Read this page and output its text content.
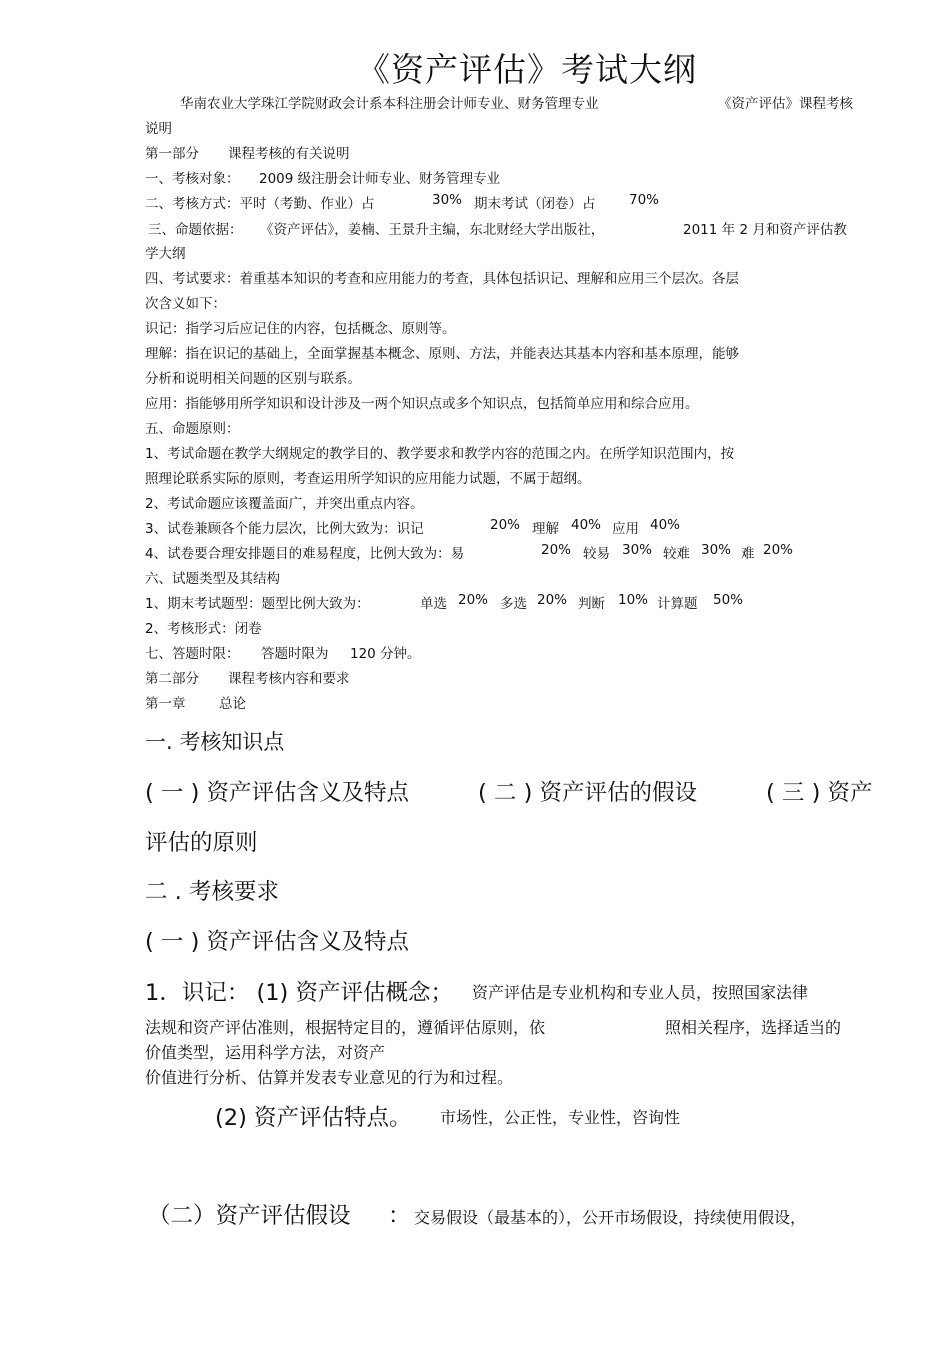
《资产评估》考试大纲
华南农业大学珠江学院财政会计系本科注册会计师专业、财务管理专业	《资产评估》课程考核
说明
第一部分 课程考核的有关说明
一、考核对象： 2009 级注册会计师专业、财务管理专业
二、考核方式：平时（考勤、作业）占	30% 期末考试（闭卷）占 70%
三、命题依据： 《资产评估》，姜楠、王景升主编，东北财经大学出版社，	2011 年 2 月和资产评估教
学大纲
四、考试要求：着重基本知识的考查和应用能力的考查，具体包括识记、理解和应用三个层次。各层
次含义如下：
识记：指学习后应记住的内容，包括概念、原则等。
理解：指在识记的基础上，全面掌握基本概念、原则、方法，并能表达其基本内容和基本原理，能够
分析和说明相关问题的区别与联系。
应用：指能够用所学知识和设计涉及一两个知识点或多个知识点，包括简单应用和综合应用。
五、命题原则：
1、考试命题在教学大纲规定的教学目的、教学要求和教学内容的范围之内。在所学知识范围内，按
照理论联系实际的原则，考查运用所学知识的应用能力试题，不属于超纲。
2、考试命题应该覆盖面广，并突出重点内容。
3、试卷兼顾各个能力层次，比例大致为：识记	20% 理解 40% 应用 40%
4、试卷要合理安排题目的难易程度，比例大致为：易	20% 较易 30% 较难 30% 难 20%
六、试题类型及其结构
1、期末考试题型：题型比例大致为：	单选 20% 多选 20% 判断 10% 计算题 50%
2、考核形式：闭卷
七、答题时限： 答题时限为 120 分钟。
第二部分 课程考核内容和要求
第一章 总论
一. 考核知识点
( 一 ) 资产评估含义及特点	( 二 ) 资产评估的假设	( 三 ) 资产
评估的原则
二 . 考核要求
( 一 ) 资产评估含义及特点
1．识记： (1) 资产评估概念； 资产评估是专业机构和专业人员，按照国家法律
法规和资产评估准则，根据特定目的，遵循评估原则，依	照相关程序，选择适当的
价值类型，运用科学方法，对资产
价值进行分析、估算并发表专业意见的行为和过程。
(2) 资产评估特点。 市场性，公正性，专业性，咨询性
（二）资产评估假设 ： 交易假设（最基本的），公开市场假设，持续使用假设，
